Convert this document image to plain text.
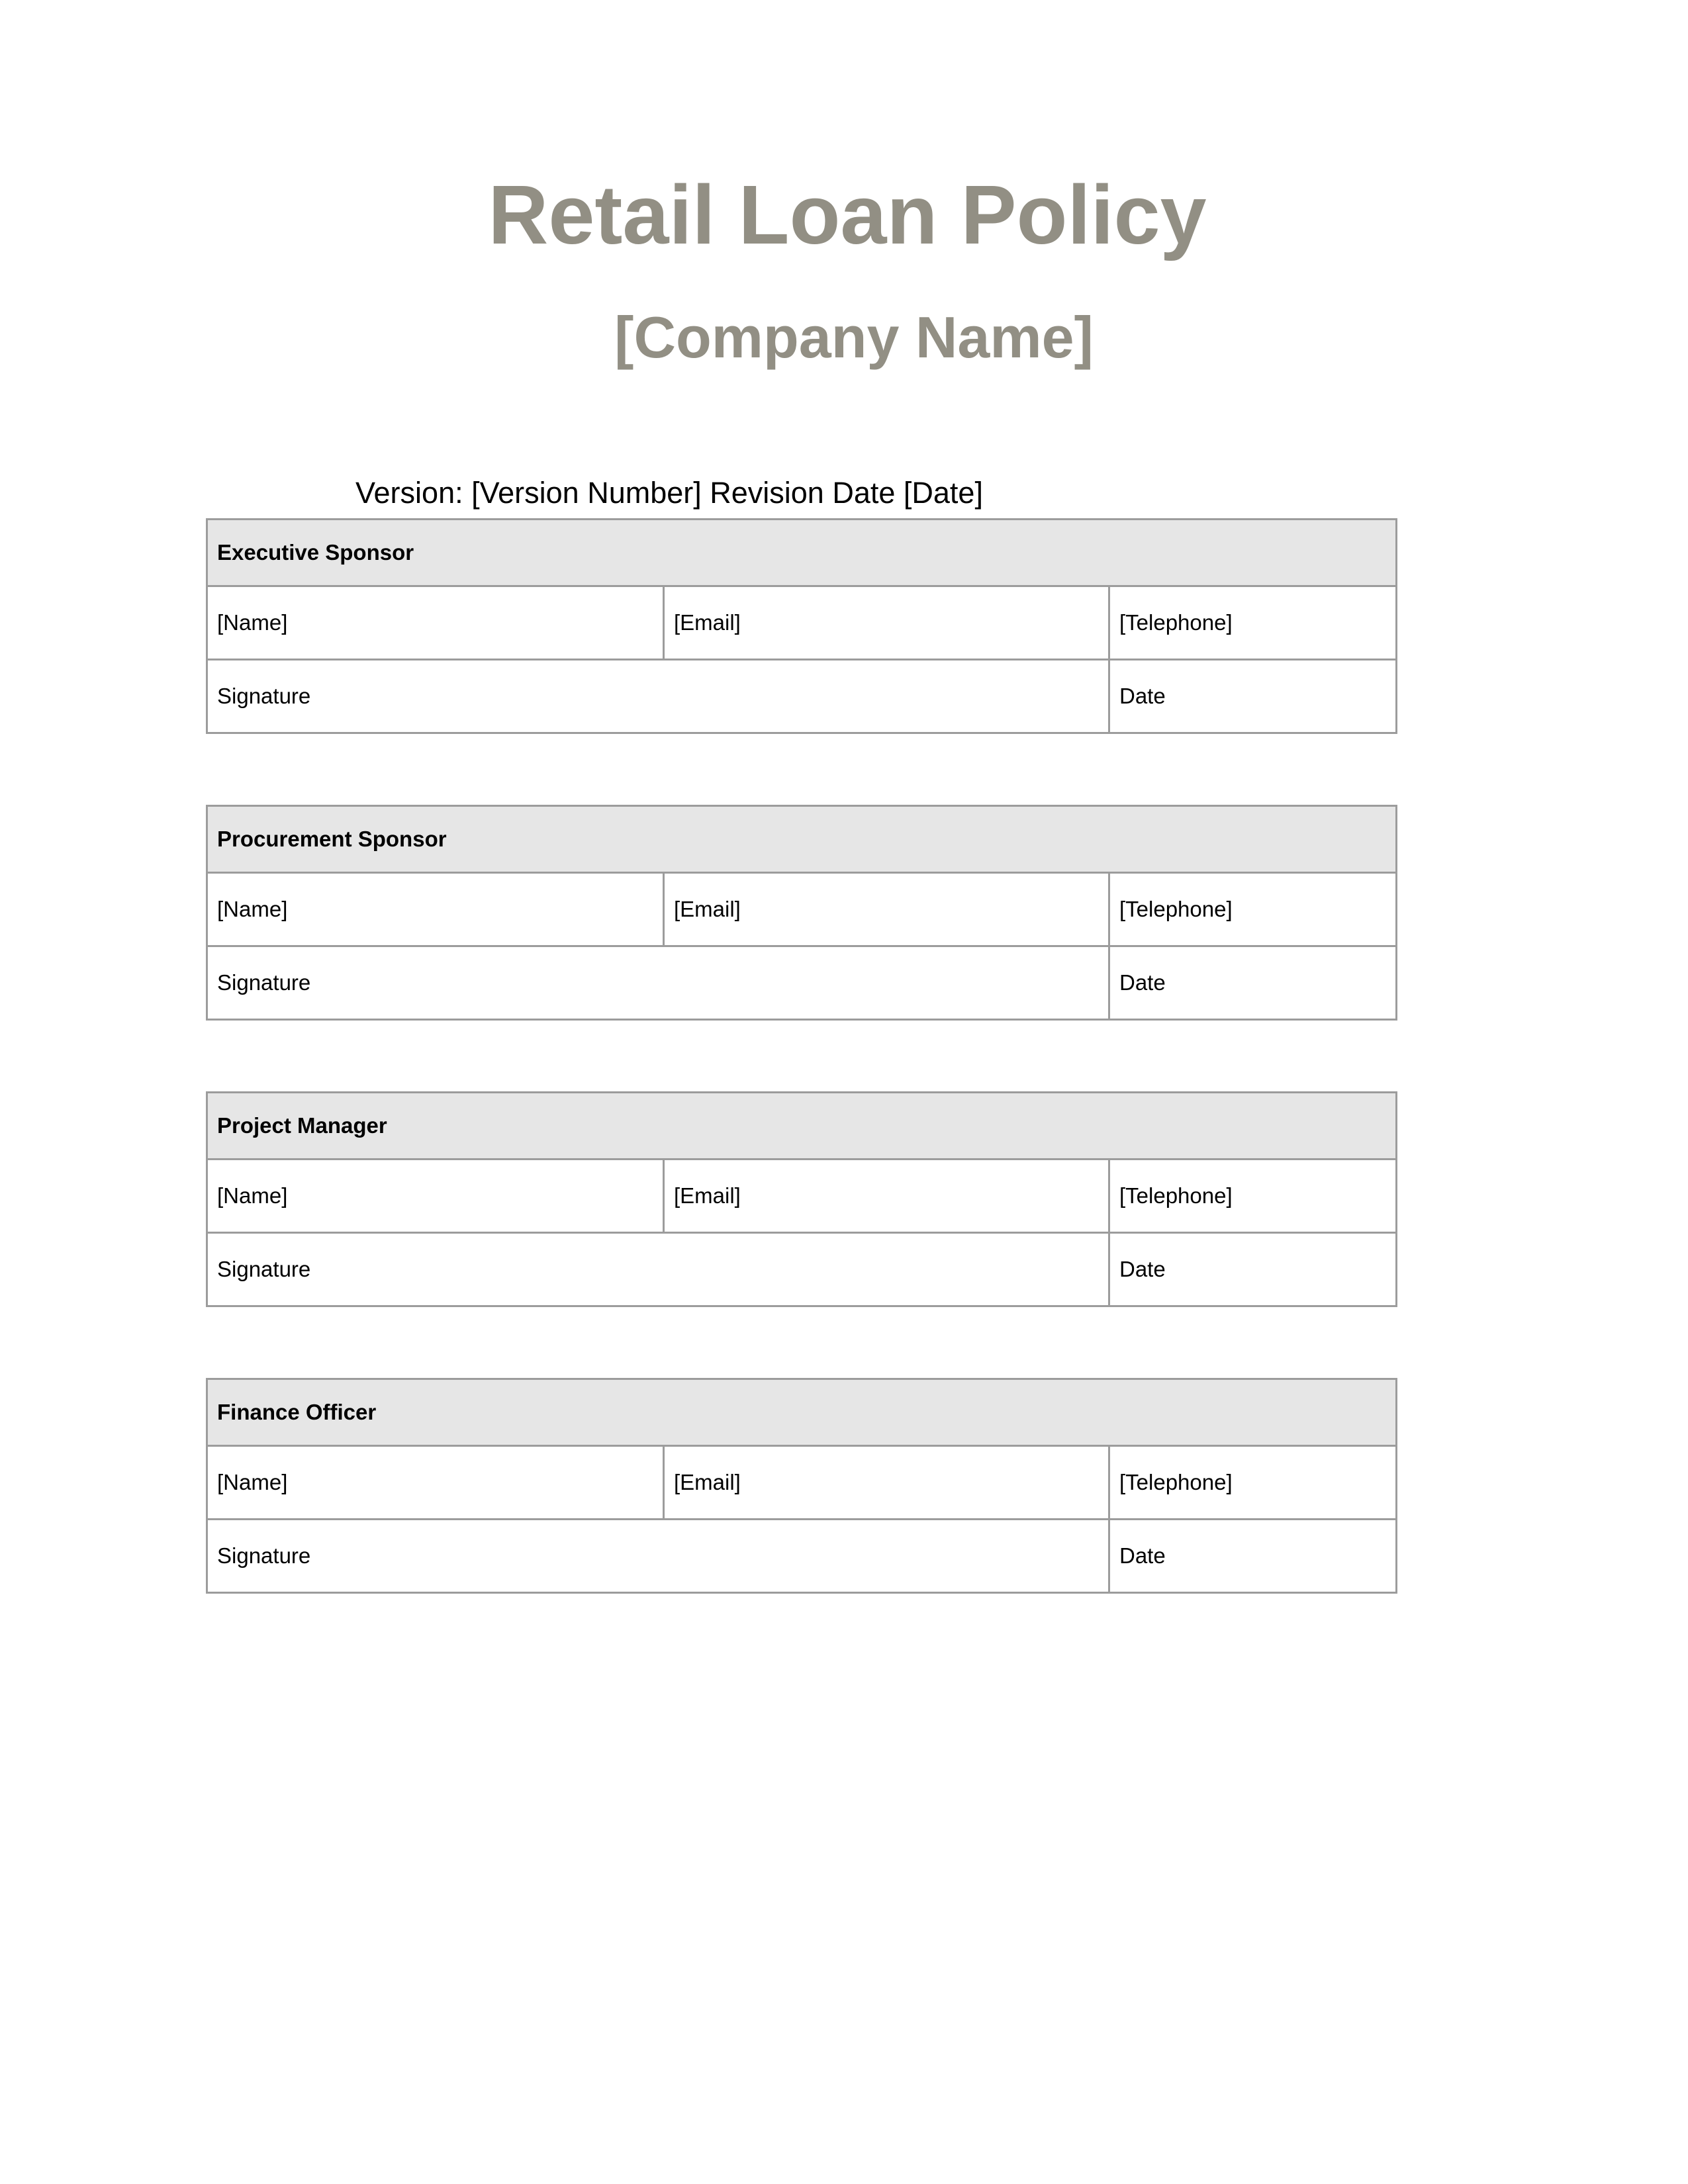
Retail Loan Policy
[Company Name]
Version: [Version Number] Revision Date [Date]
Executive Sponsor		
[Name]	[Email]	[Telephone]
Signature		Date
Procurement Sponsor		
[Name]	[Email]	[Telephone]
Signature		Date
Project Manager		
[Name]	[Email]	[Telephone]
Signature		Date
Finance Officer		
[Name]	[Email]	[Telephone]
Signature		Date
